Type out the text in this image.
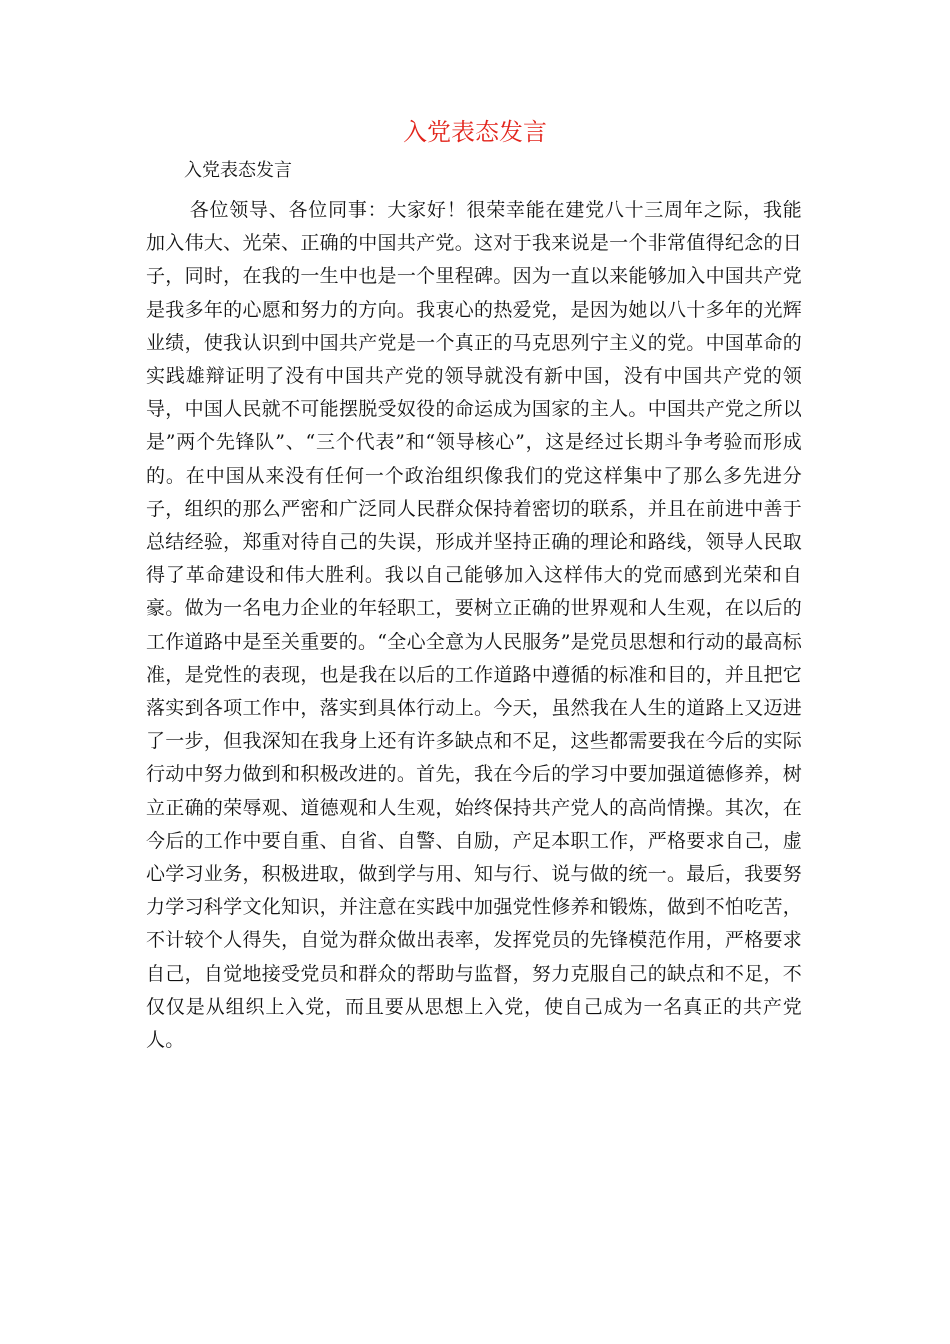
入党表态发言

入党表态发言

各位领导、各位同事：大家好！很荣幸能在建党八十三周年之际，我能加入伟大、光荣、正确的中国共产党。这对于我来说是一个非常值得纪念的日子，同时，在我的一生中也是一个里程碑。因为一直以来能够加入中国共产党是我多年的心愿和努力的方向。我衷心的热爱党，是因为她以八十多年的光辉业绩，使我认识到中国共产党是一个真正的马克思列宁主义的党。中国革命的实践雄辩证明了没有中国共产党的领导就没有新中国，没有中国共产党的领导，中国人民就不可能摆脱受奴役的命运成为国家的主人。中国共产党之所以是”两个先锋队”、“三个代表”和“领导核心”，这是经过长期斗争考验而形成的。在中国从来没有任何一个政治组织像我们的党这样集中了那么多先进分子，组织的那么严密和广泛同人民群众保持着密切的联系，并且在前进中善于总结经验，郑重对待自己的失误，形成并坚持正确的理论和路线，领导人民取得了革命建设和伟大胜利。我以自己能够加入这样伟大的党而感到光荣和自豪。做为一名电力企业的年轻职工，要树立正确的世界观和人生观，在以后的工作道路中是至关重要的。“全心全意为人民服务”是党员思想和行动的最高标准，是党性的表现，也是我在以后的工作道路中遵循的标准和目的，并且把它落实到各项工作中，落实到具体行动上。今天，虽然我在人生的道路上又迈进了一步，但我深知在我身上还有许多缺点和不足，这些都需要我在今后的实际行动中努力做到和积极改进的。首先，我在今后的学习中要加强道德修养，树立正确的荣辱观、道德观和人生观，始终保持共产党人的高尚情操。其次，在今后的工作中要自重、自省、自警、自励，产足本职工作，严格要求自己，虚心学习业务，积极进取，做到学与用、知与行、说与做的统一。最后，我要努力学习科学文化知识，并注意在实践中加强党性修养和锻炼，做到不怕吃苦，不计较个人得失，自觉为群众做出表率，发挥党员的先锋模范作用，严格要求自己，自觉地接受党员和群众的帮助与监督，努力克服自己的缺点和不足，不仅仅是从组织上入党，而且要从思想上入党，使自己成为一名真正的共产党人。
